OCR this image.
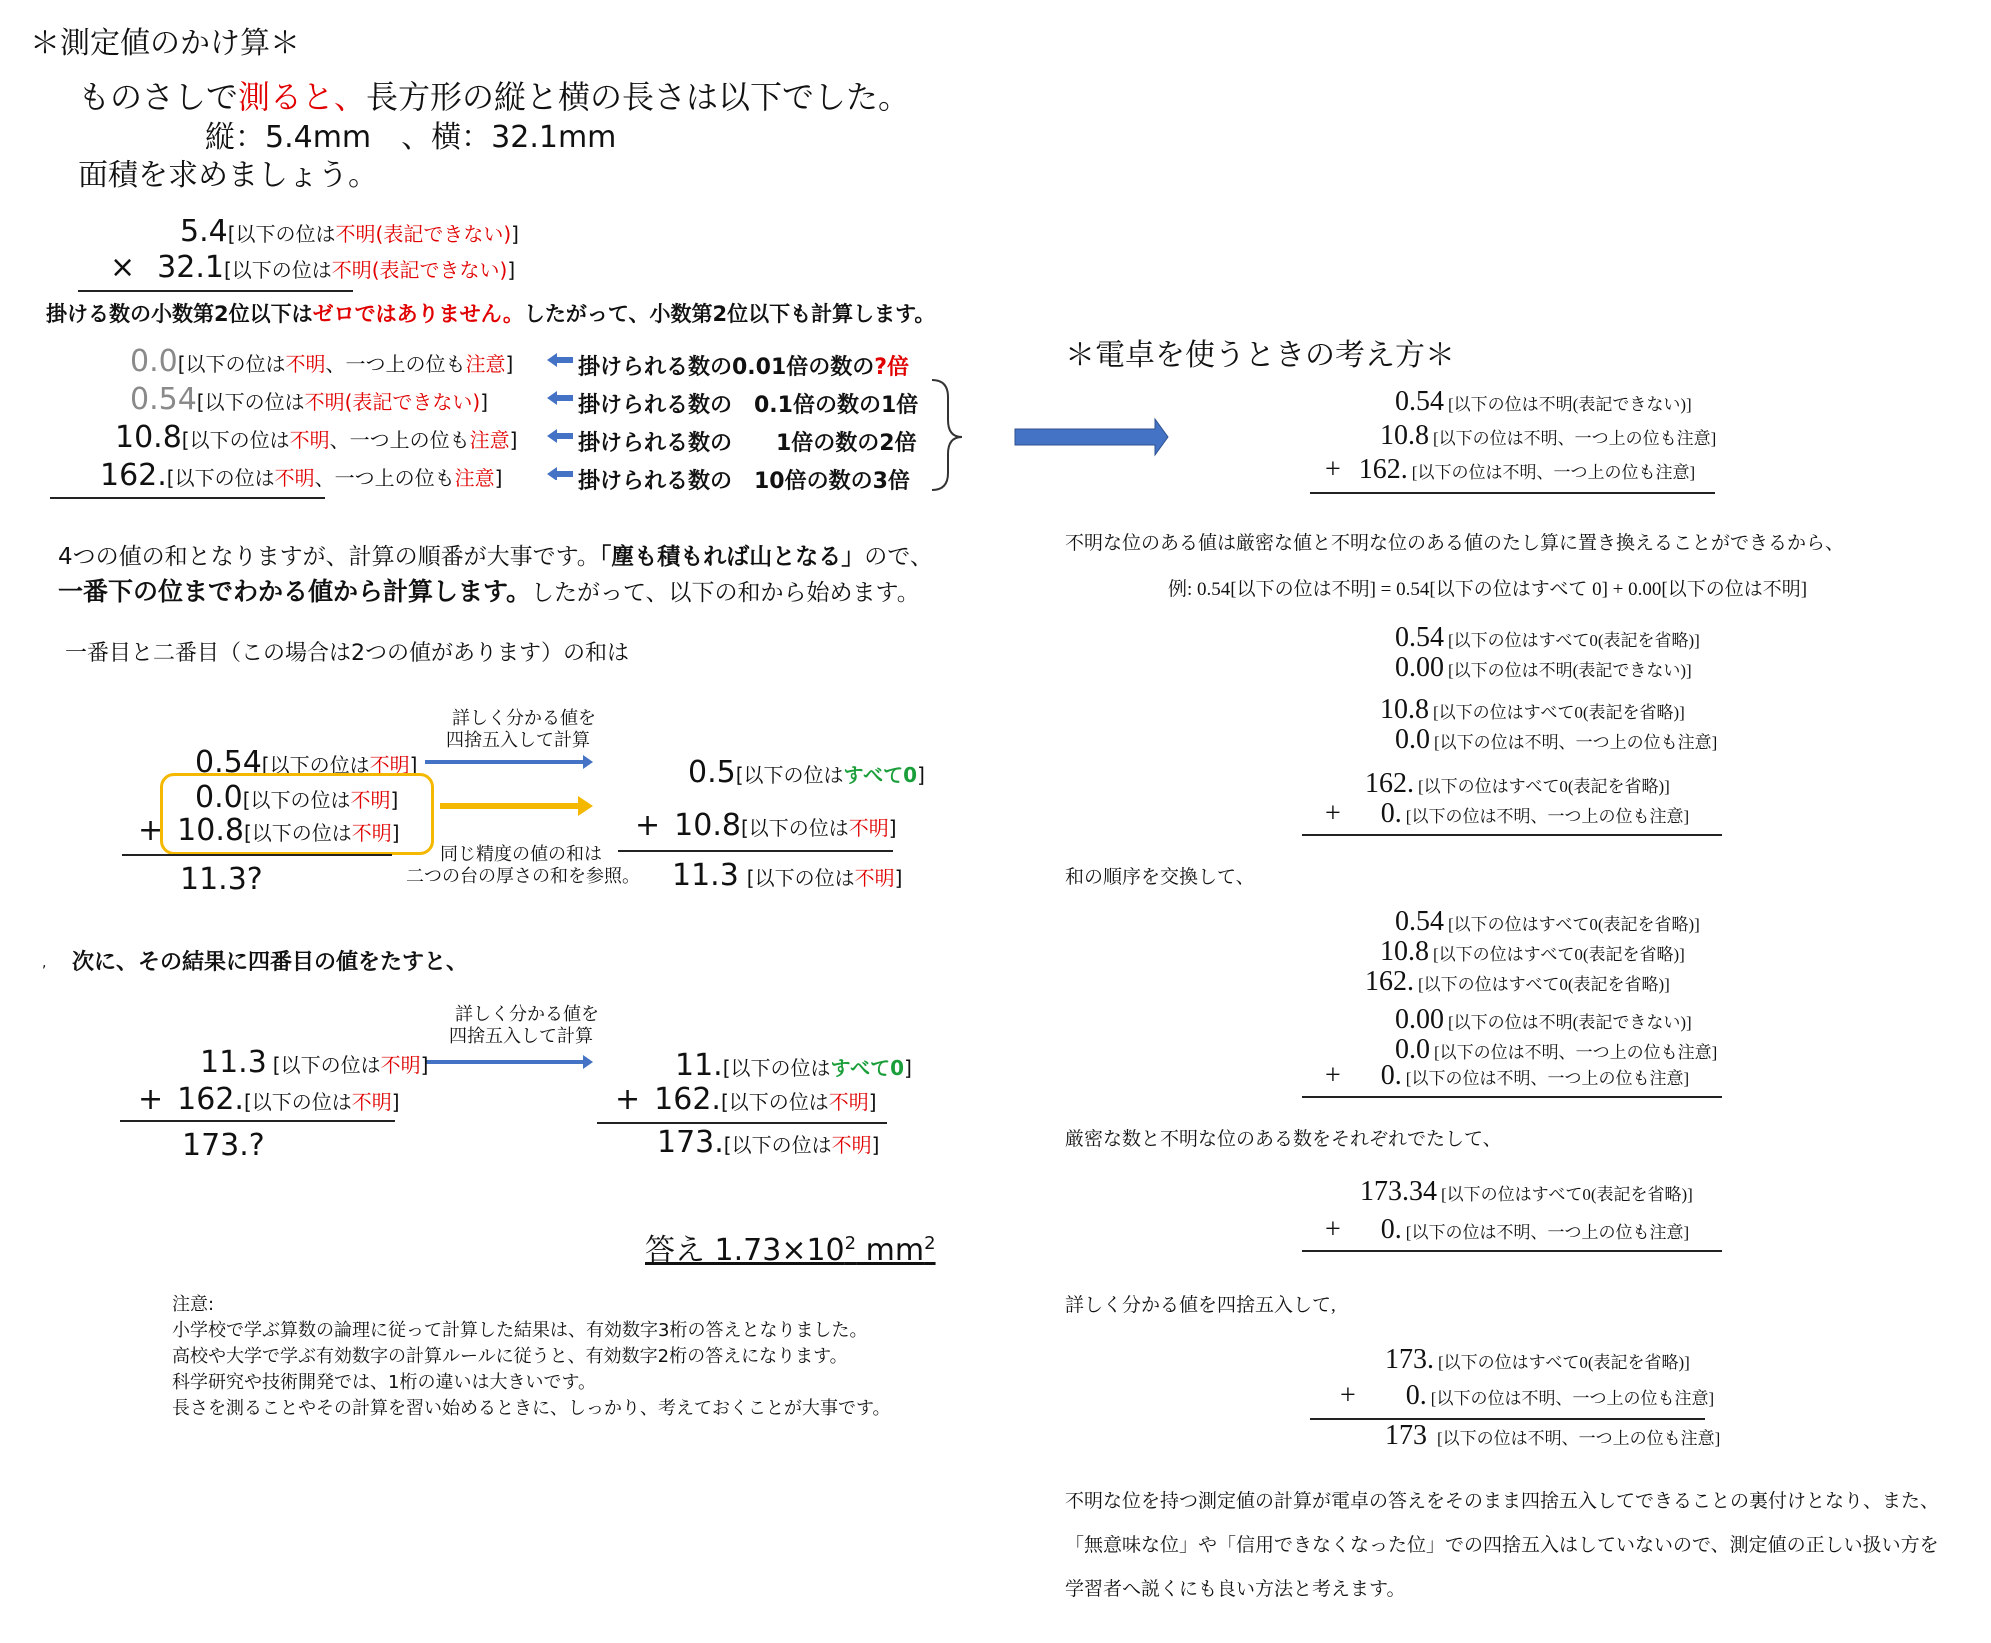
＊測定値のかけ算＊
ものさしで測ると、長方形の縦と横の長さは以下でした。
縦：5.4mm　、横：32.1mm
面積を求めましょう。
5.4[以下の位は不明(表記できない)]
× 32.1[以下の位は不明(表記できない)]
掛ける数の小数第2位以下はゼロではありません。したがって、小数第2位以下も計算します。
0.0[以下の位は不明、一つ上の位も注意]
0.54[以下の位は不明(表記できない)]
10.8[以下の位は不明、一つ上の位も注意]
162.[以下の位は不明、一つ上の位も注意]
掛けられる数の0.01倍の数の?倍
掛けられる数の　0.1倍の数の1倍
掛けられる数の　　1倍の数の2倍
掛けられる数の　10倍の数の3倍
4つの値の和となりますが、計算の順番が大事です。「塵も積もれば山となる」ので、
一番下の位までわかる値から計算します。したがって、以下の和から始めます。
一番目と二番目（この場合は2つの値があります）の和は
0.54[以下の位は不明]
0.0[以下の位は不明]
+ 10.8[以下の位は不明]
11.3?
詳しく分かる値を
四捨五入して計算
同じ精度の値の和は
二つの台の厚さの和を参照。
0.5[以下の位はすべて0]
+ 10.8[以下の位は不明]
11.3 [以下の位は不明]
, 次に、その結果に四番目の値をたすと、
詳しく分かる値を
四捨五入して計算
11.3 [以下の位は不明]
+ 162.[以下の位は不明]
173.?
11.[以下の位はすべて0]
+ 162.[以下の位は不明]
173.[以下の位は不明]
答え $1.73\times 10^2$ $mm^2$
注意:
小学校で学ぶ算数の論理に従って計算した結果は、有効数字3桁の答えとなりました。
高校や大学で学ぶ有効数字の計算ルールに従うと、有効数字2桁の答えになります。
科学研究や技術開発では、1桁の違いは大きいです。
長さを測ることやその計算を習い始めるときに、しっかり、考えておくことが大事です。
＊電卓を使うときの考え方＊
0.54 [以下の位は不明(表記できない)]
10.8 [以下の位は不明、一つ上の位も注意]
+ 162. [以下の位は不明、一つ上の位も注意]
不明な位のある値は厳密な値と不明な位のある値のたし算に置き換えることができるから、
例: 0.54[以下の位は不明] = 0.54[以下の位はすべて 0] + 0.00[以下の位は不明]
0.54 [以下の位はすべて0(表記を省略)]
0.00 [以下の位は不明(表記できない)]
10.8 [以下の位はすべて0(表記を省略)]
0.0 [以下の位は不明、一つ上の位も注意]
162. [以下の位はすべて0(表記を省略)]
+ 0. [以下の位は不明、一つ上の位も注意]
和の順序を交換して、
0.54 [以下の位はすべて0(表記を省略)]
10.8 [以下の位はすべて0(表記を省略)]
162. [以下の位はすべて0(表記を省略)]
0.00 [以下の位は不明(表記できない)]
0.0 [以下の位は不明、一つ上の位も注意]
+ 0. [以下の位は不明、一つ上の位も注意]
厳密な数と不明な位のある数をそれぞれでたして、
173.34 [以下の位はすべて0(表記を省略)]
+ 0. [以下の位は不明、一つ上の位も注意]
詳しく分かる値を四捨五入して,
173. [以下の位はすべて0(表記を省略)]
+ 0. [以下の位は不明、一つ上の位も注意]
173 [以下の位は不明、一つ上の位も注意]
不明な位を持つ測定値の計算が電卓の答えをそのまま四捨五入してできることの裏付けとなり、また、
「無意味な位」や「信用できなくなった位」での四捨五入はしていないので、測定値の正しい扱い方を
学習者へ説くにも良い方法と考えます。
